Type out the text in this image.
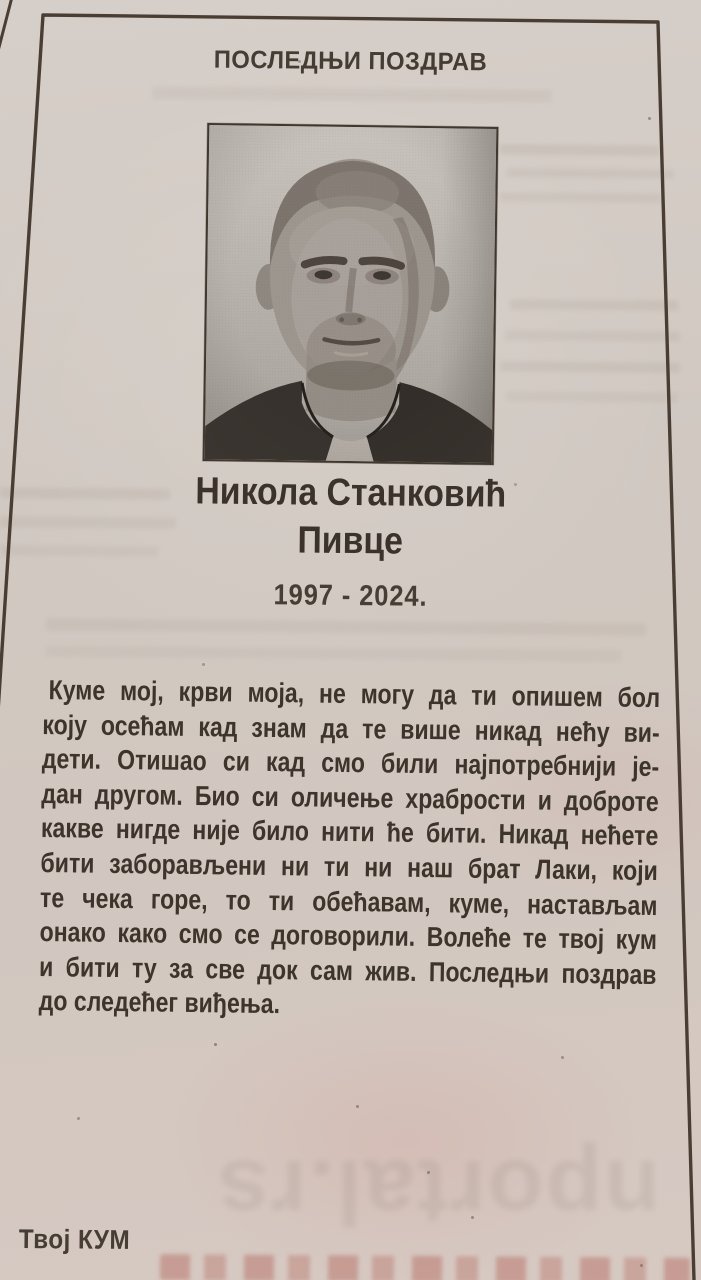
nportal.rs
ПОСЛЕДЊИ ПОЗДРАВ
Никола Станковић
Пивце
1997 - 2024.
Куме мој, крви моја, не могу да ти опишем бол
коју осећам кад знам да те више никад нећу ви-
дети. Отишао си кад смо били најпотребнији је-
дан другом. Био си оличење храбрости и доброте
какве нигде није било нити ће бити. Никад нећете
бити заборављени ни ти ни наш брат Лаки, који
те чека горе, то ти обећавам, куме, настављам
онако како смо се договорили. Волеће те твој кум
и бити ту за све док сам жив. Последњи поздрав
до следећег виђења.
Твој КУМ
